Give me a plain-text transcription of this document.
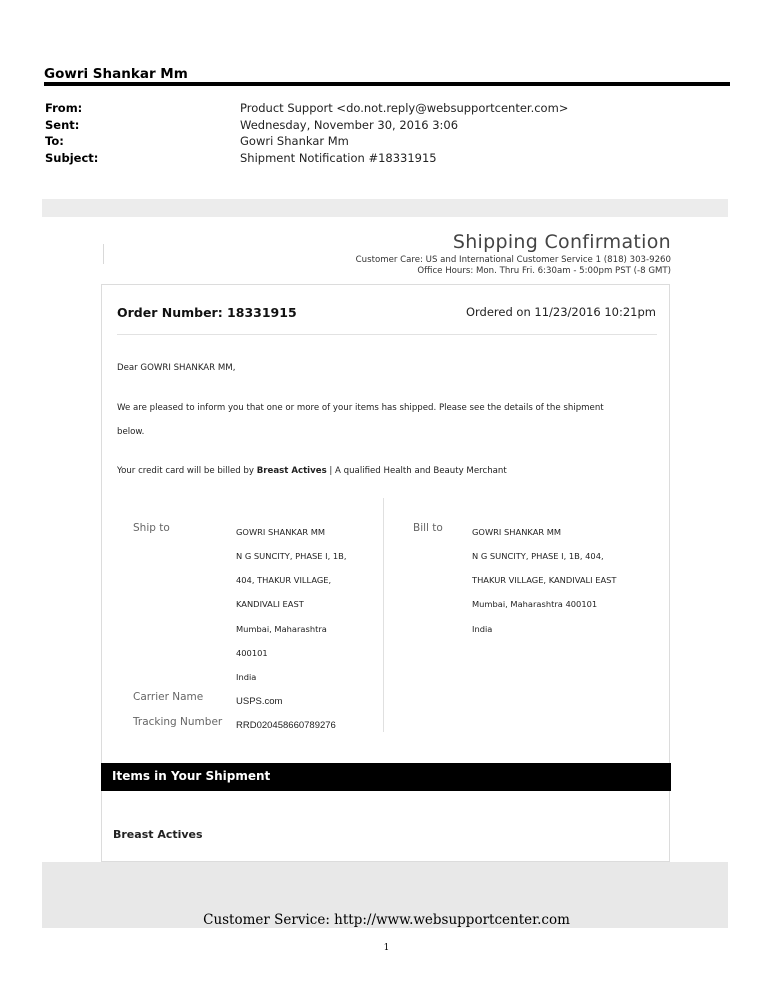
Gowri Shankar Mm
From:	Product Support <do.not.reply@websupportcenter.com>
Sent:	Wednesday, November 30, 2016 3:06
To:	Gowri Shankar Mm
Subject:	Shipment Notification #18331915
Shipping Confirmation
Customer Care: US and International Customer Service 1 (818) 303-9260
Office Hours: Mon. Thru Fri. 6:30am - 5:00pm PST (-8 GMT)
Order Number: 18331915	Ordered on 11/23/2016 10:21pm
Dear GOWRI SHANKAR MM,
We are pleased to inform you that one or more of your items has shipped. Please see the details of the shipment
below.
Your credit card will be billed by Breast Actives | A qualified Health and Beauty Merchant
Ship to	GOWRI SHANKAR MM
N G SUNCITY, PHASE I, 1B,
404, THAKUR VILLAGE,
KANDIVALI EAST
Mumbai, Maharashtra
400101
India
Bill to	GOWRI SHANKAR MM
N G SUNCITY, PHASE I, 1B, 404,
THAKUR VILLAGE, KANDIVALI EAST
Mumbai, Maharashtra 400101
India
Carrier Name	USPS.com
Tracking Number RRD020458660789276
Items in Your Shipment
Breast Actives
Customer Service: http://www.websupportcenter.com
1
